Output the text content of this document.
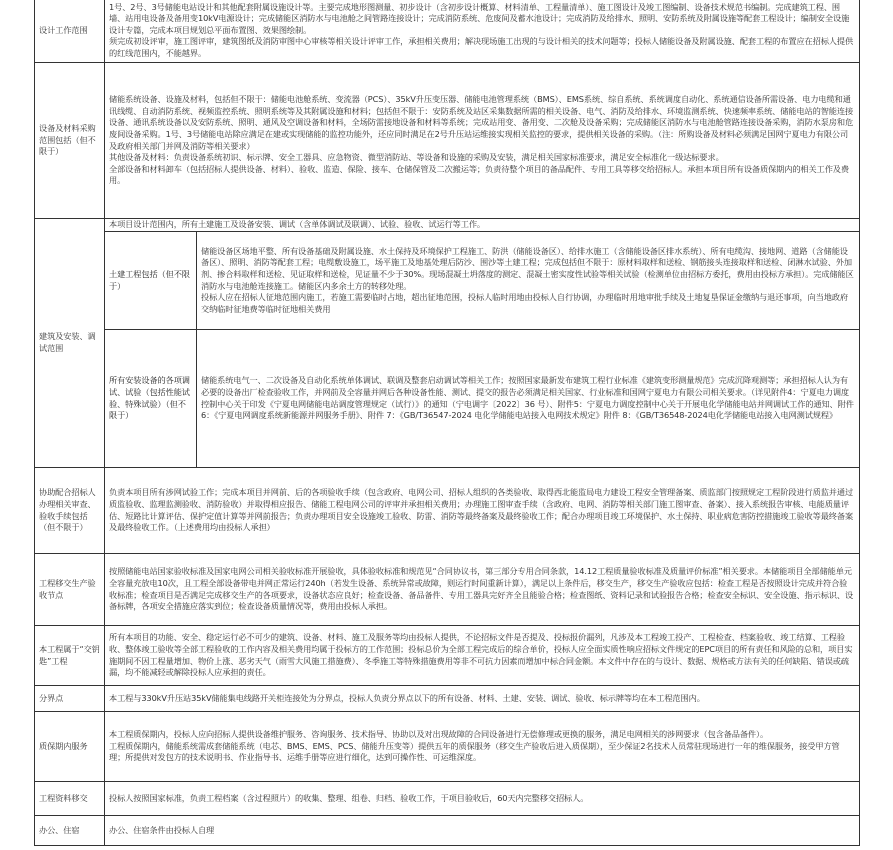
设计工作范围	1号、2号、3号储能电站设计和其他配套附属设施设计等。主要完成地形图测量、初步设计（含初步设计概算、材料清单、工程量清单）、施工图设计及竣工图编制、设备技术规范书编制。完成建筑工程、围墙、站用电设备及备用变10kV电源设计；完成储能区消防水与电池舱之间管路连接设计；完成消防系统、危废间及蓄水池设计；完成消防及给排水、照明、安防系统及附属设施等配套工程设计；编制安全设施设计专篇，完成本项目规划总平面布置图、效果图绘制。
须完成初设评审，施工图评审，建筑图纸及消防审图中心审核等相关设计评审工作，承担相关费用；解决现场施工出现的与设计相关的技术问题等；投标人储能设备及附属设施、配套工程的布置应在招标人提供的红线范围内，不能越界。	

设备及材料采购范围包括（但不限于）	储能系统设备、设施及材料，包括但不限于：储能电池舱系统、变流器（PCS）、35kV升压变压器、储能电池管理系统（BMS）、EMS系统、综自系统、系统调度自动化、系统通信设备所需设备、电力电缆和通讯线缆、自动消防系统、视频监控系统、照明系统等及其附属设施和材料；包括但不限于：安防系统及站区采集数据所需的相关设备、电气、消防及给排水、环境监测系统、快速频率系统、储能电站的智能连接设备、通讯系统设备以及安防系统、照明、通风及空调设备和材料，全场防雷接地设备和材料等系统；完成站用变、备用变、二次舱及设备采购；完成储能区消防水与电池舱管路连接设备采购，消防水泵房和危废间设备采购。1号、3号储能电站除应满足在建或实现储能的监控功能外，还应同时满足在2号升压站运维接实现相关监控的要求，提供相关设备的采购。（注：所购设备及材料必须满足国网宁夏电力有限公司及政府相关部门并网及消防等相关要求）
其他设备及材料：负责设备系统初识、标示牌、安全工器具、应急物资、微型消防站、等设备和设施的采购及安装，满足相关国家标准要求，满足安全标准化一级达标要求。
全部设备和材料卸车（包括招标人提供设备、材料）、验收、监造、保险、接车、仓储保管及二次搬运等；负责待整个项目的备品配件、专用工具等移交给招标人。承担本项目所有设备质保期内的相关工作及费用。	

建筑及安装、调试范围	本项目设计范围内，所有土建施工及设备安装、调试（含单体调试及联调）、试验、验收、试运行等工作。	
	土建工程包括（但不限于）	储能设备区场地平整、所有设备基础及附属设施、水土保持及环境保护工程施工、防洪（储能设备区）、给排水施工（含储能设备区排水系统）、所有电缆沟、接地网、道路（含储能设备区）、照明、消防等配套工程；电缆敷设施工，场平施工及地基处理后防沙、围沙等土建工程；完成包括但不限于：原材料取样和送检、钢筋接头连接取样和送检、闭淋水试验、外加剂、掺合料取样和送检、见证取样和送检，见证量不少于30%。现场混凝土坍落度的测定、混凝土密实度性试验等相关试验（检测单位由招标方委托，费用由投标方承担）。完成储能区消防水与电池舱连接施工。储能区内多余土方的转移处理。
投标人应在招标人征地范围内施工，若施工需要临时占地，超出征地范围，投标人临时用地由投标人自行协调，办理临时用地审批手续及土地复垦保证金缴纳与退还事项，向当地政府交纳临时征地费等临时征地相关费用

	所有安装设备的各项调试、试验（包括性能试验、特殊试验）（但不限于）	储能系统电气一、二次设备及自动化系统单体调试、联调及整套启动调试等相关工作；按照国家最新发布建筑工程行业标准《建筑变形测量规范》完成沉降观测等；承担招标人认为有必要的设备出厂检查验收工作，并网前及全容量并网后各种设备性能、测试、提交的报告必须满足相关国家、行业标准和国网宁夏电力有限公司相关要求。（详见附件4：宁夏电力调度控制中心关于印发《宁夏电网储能电站调度管理规定（试行）》的通知（宁电调字〔2022〕36 号）、附件5：宁夏电力调度控制中心关于开展电化学储能电站并网调试工作的通知、附件6：《宁夏电网调度系统新能源并网服务手册》、附件 7：《GB/T36547-2024 电化学储能电站接入电网技术规定》附件 8：《GB/T36548-2024电化学储能电站接入电网测试规程》

协助配合招标人办理相关审查、验收手续包括（但不限于）	负责本项目所有涉网试验工作；完成本项目并网前、后的各项验收手续（包含政府、电网公司、招标人组织的各类验收、取得西北能监局电力建设工程安全管理备案、质监部门按照规定工程阶段进行质监并通过质监验收、监理监测验收、消防验收）并取得相应报告、储能工程电网公司的评审并承担相关费用；办理施工图审查手续（含政府、电网、消防等相关部门施工图审查、备案）、接入系统报告审核、电能质量评估、短路比计算评估、保护定值计算等并网前报告；负责办理项目安全设施竣工验收、防雷、消防等最终备案及最终验收工作；配合办理项目竣工环境保护、水土保持、职业病危害防控措施竣工验收等最终备案及最终验收工作。（上述费用均由投标人承担）	

工程移交生产验收节点	按照储能电站国家验收标准及国家电网公司相关验收标准开展验收，具体验收标准和规范见“合同协议书，第三部分专用合同条款，14.12工程质量验收标准及质量评价标准”相关要求。本储能项目全部储能单元全容量充放电10次，且工程全部设备带电并网正常运行240h（若发生设备、系统异常或故障，则运行时间重新计算），满足以上条件后，移交生产，移交生产验收应包括：检查工程是否按照设计完成并符合验收标准；检查项目是否满足完成移交生产的各项要求，设备状态应良好；检查设备、备品备件、专用工器具完好齐全且能验合格；检查图纸、资料记录和试验报告合格；检查安全标识、安全设施、指示标识、设备标牌，各项安全措施应落实到位；检查设备质量情况等，费用由投标人承担。	

本工程属于“交钥匙”工程	所有本项目的功能、安全、稳定运行必不可少的建筑、设备、材料、施工及服务等均由投标人提供，不论招标文件是否提及、投标报价漏列，凡涉及本工程竣工投产、工程检查、档案验收、竣工结算、工程验收、整体竣工验收等全部工程验收的工作内容及相关费用均属于投标方的工作范围；投标总价为全部工程完成后的综合单价，投标人应全面实质性响应招标文件规定的EPC项目的所有责任和风险的总和，项目实施期间不因工程量增加、物价上涨、恶劣天气（雨雪大风施工措施费）、冬季施工等特殊措施费用等非不可抗力因素而增加中标合同金额。本文件中存在的与设计、数据、规格或方法有关的任何缺陷、错误或疏漏，均不能减轻或解除投标人应承担的责任。	

分界点	本工程与330kV升压站35kV储能集电线路开关柜连接处为分界点，投标人负责分界点以下的所有设备、材料、土建、安装、调试、验收、标示牌等均在本工程范围内。	

质保期内服务	本工程质保期内，投标人应向招标人提供设备维护服务、咨询服务、技术指导、协助以及对出现故障的合同设备进行无偿修理或更换的服务，满足电网相关的涉网要求（包含备品备件）。
工程质保期内，储能系统需成套储能系统（电芯、BMS、EMS、PCS、储能升压变等）提供五年的质保服务（移交生产验收后进入质保期），至少保证2名技术人员常驻现场进行一年的维保服务，接受甲方管理；所提供对发包方的技术说明书、作业指导书、运维手册等应进行细化，达到可操作性、可运维深度。	

工程资料移交	投标人按照国家标准，负责工程档案（含过程照片）的收集、整理、组卷、归档、验收工作，于项目验收后，60天内完整移交招标人。	

办公、住宿	办公、住宿条件由投标人自理	
